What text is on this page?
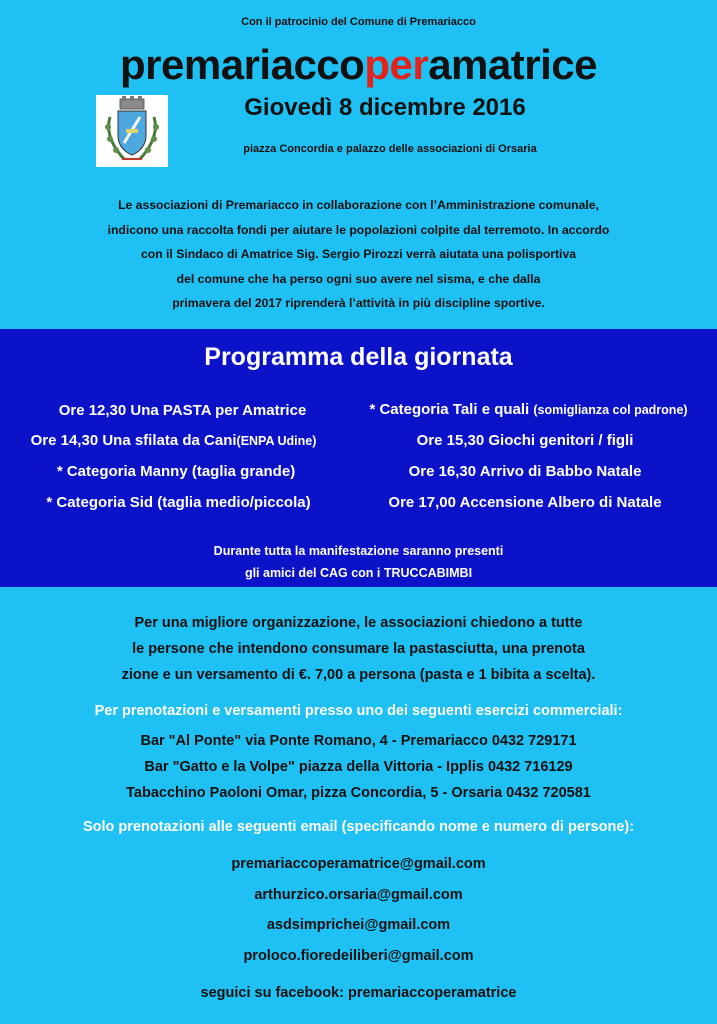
Con il patrocinio del Comune di Premariacco
premariaccoperamatrice
Giovedì 8 dicembre 2016
piazza Concordia e palazzo delle associazioni di Orsaria
Le associazioni di Premariacco in collaborazione con l’Amministrazione comunale,
indicono una raccolta fondi per aiutare le popolazioni colpite dal terremoto. In accordo
con il Sindaco di Amatrice Sig. Sergio Pirozzi verrà aiutata una polisportiva
del comune che ha perso ogni suo avere nel sisma, e che dalla
primavera del 2017 riprenderà l’attività in più discipline sportive.
Programma della giornata
Ore 12,30 Una PASTA per Amatrice
Ore 14,30 Una sfilata da Cani(ENPA Udine)
* Categoria Manny (taglia grande)
* Categoria Sid (taglia medio/piccola)
* Categoria Tali e quali (somiglianza col padrone)
Ore 15,30 Giochi genitori / figli
Ore 16,30 Arrivo di Babbo Natale
Ore 17,00 Accensione Albero di Natale
Durante tutta la manifestazione saranno presenti
gli amici del CAG con i TRUCCABIMBI
Per una migliore organizzazione, le associazioni chiedono a tutte
le persone che intendono consumare la pastasciutta, una prenota
zione e un versamento di €. 7,00 a persona (pasta e 1 bibita a scelta).
Per prenotazioni e versamenti presso uno dei seguenti esercizi commerciali:
Bar "Al Ponte" via Ponte Romano, 4 - Premariacco 0432 729171
Bar "Gatto e la Volpe" piazza della Vittoria - Ipplis 0432 716129
Tabacchino Paoloni Omar, pizza Concordia, 5 - Orsaria 0432 720581
Solo prenotazioni alle seguenti email (specificando nome e numero di persone):
premariaccoperamatrice@gmail.com
arthurzico.orsaria@gmail.com
asdsimprichei@gmail.com
proloco.fioredeiliberi@gmail.com
seguici su facebook: premariaccoperamatrice
